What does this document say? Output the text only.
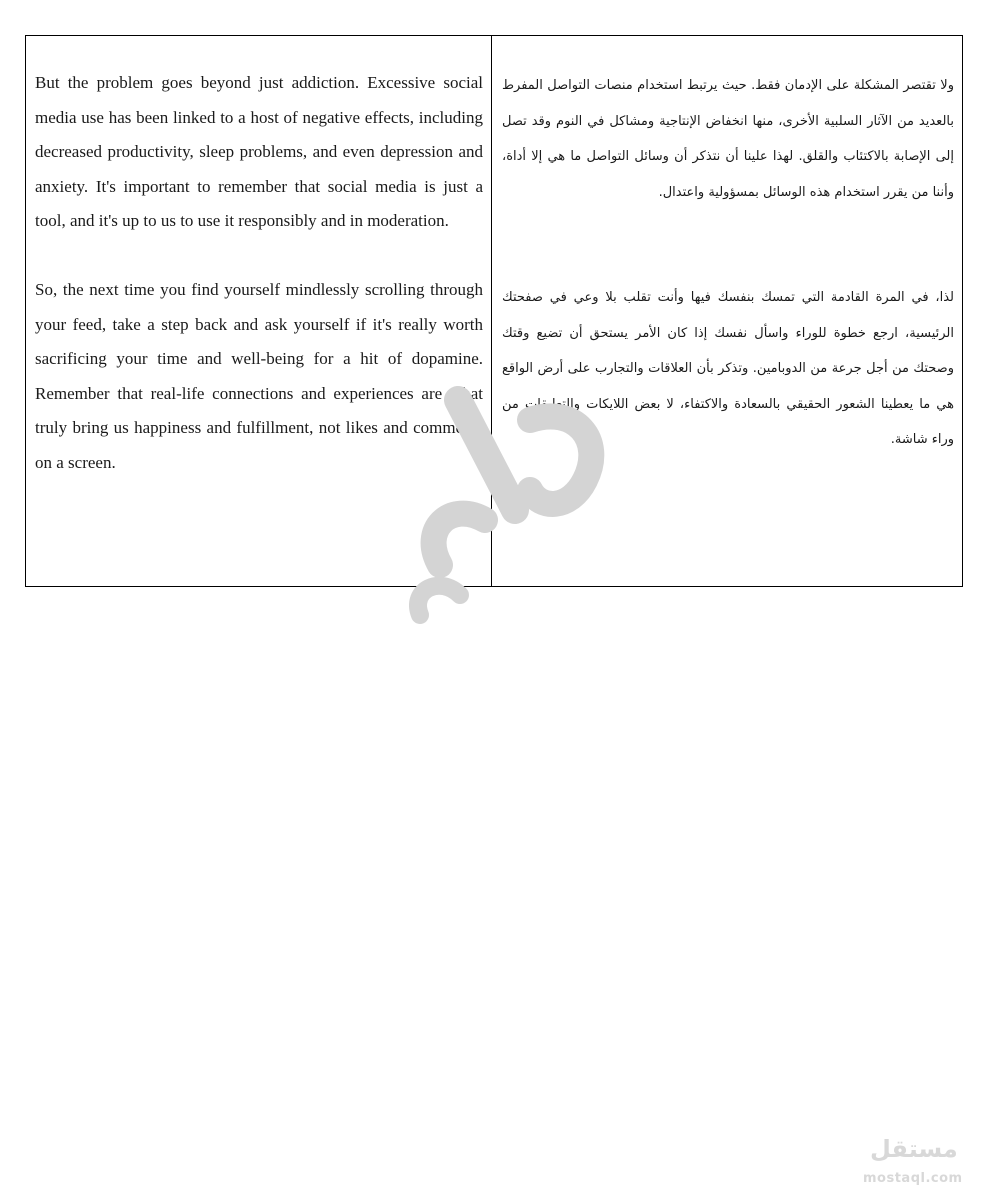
But the problem goes beyond just addiction. Excessive social media use has been linked to a host of negative effects, including decreased productivity, sleep problems, and even depression and anxiety. It's important to remember that social media is just a tool, and it's up to us to use it responsibly and in moderation.

So, the next time you find yourself mindlessly scrolling through your feed, take a step back and ask yourself if it's really worth sacrificing your time and well-being for a hit of dopamine. Remember that real-life connections and experiences are what truly bring us happiness and fulfillment, not likes and comments on a screen.

ولا تقتصر المشكلة على الإدمان فقط. حيث يرتبط استخدام منصات التواصل المفرط بالعديد من الآثار السلبية الأخرى، منها انخفاض الإنتاجية ومشاكل في النوم وقد تصل إلى الإصابة بالاكتئاب والقلق. لهذا علينا أن نتذكر أن وسائل التواصل ما هي إلا أداة، وأننا من يقرر استخدام هذه الوسائل بمسؤولية واعتدال.

لذا، في المرة القادمة التي تمسك بنفسك فيها وأنت تقلب بلا وعي في صفحتك الرئيسية، ارجع خطوة للوراء واسأل نفسك إذا كان الأمر يستحق أن تضيع وقتك وصحتك من أجل جرعة من الدوبامين. وتذكر بأن العلاقات والتجارب على أرض الواقع هي ما يعطينا الشعور الحقيقي بالسعادة والاكتفاء، لا بعض اللايكات والتعليقات من وراء شاشة.

مستقل
mostaql.com
